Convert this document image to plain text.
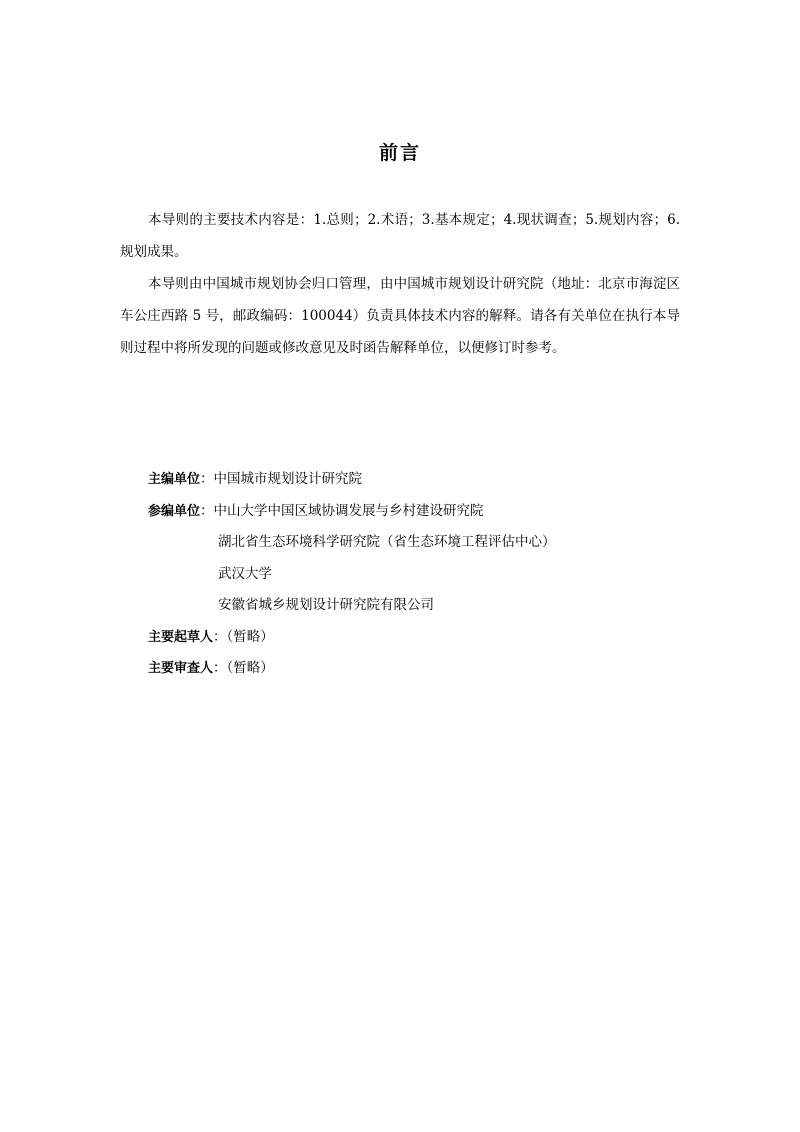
前言

本导则的主要技术内容是：1.总则；2.术语；3.基本规定；4.现状调查；5.规划内容；6.规划成果。

本导则由中国城市规划协会归口管理，由中国城市规划设计研究院（地址：北京市海淀区车公庄西路 5 号，邮政编码：100044）负责具体技术内容的解释。请各有关单位在执行本导则过程中将所发现的问题或修改意见及时函告解释单位，以便修订时参考。

主编单位：中国城市规划设计研究院
参编单位：中山大学中国区域协调发展与乡村建设研究院
湖北省生态环境科学研究院（省生态环境工程评估中心）
武汉大学
安徽省城乡规划设计研究院有限公司
主要起草人：（暂略）
主要审查人：（暂略）
